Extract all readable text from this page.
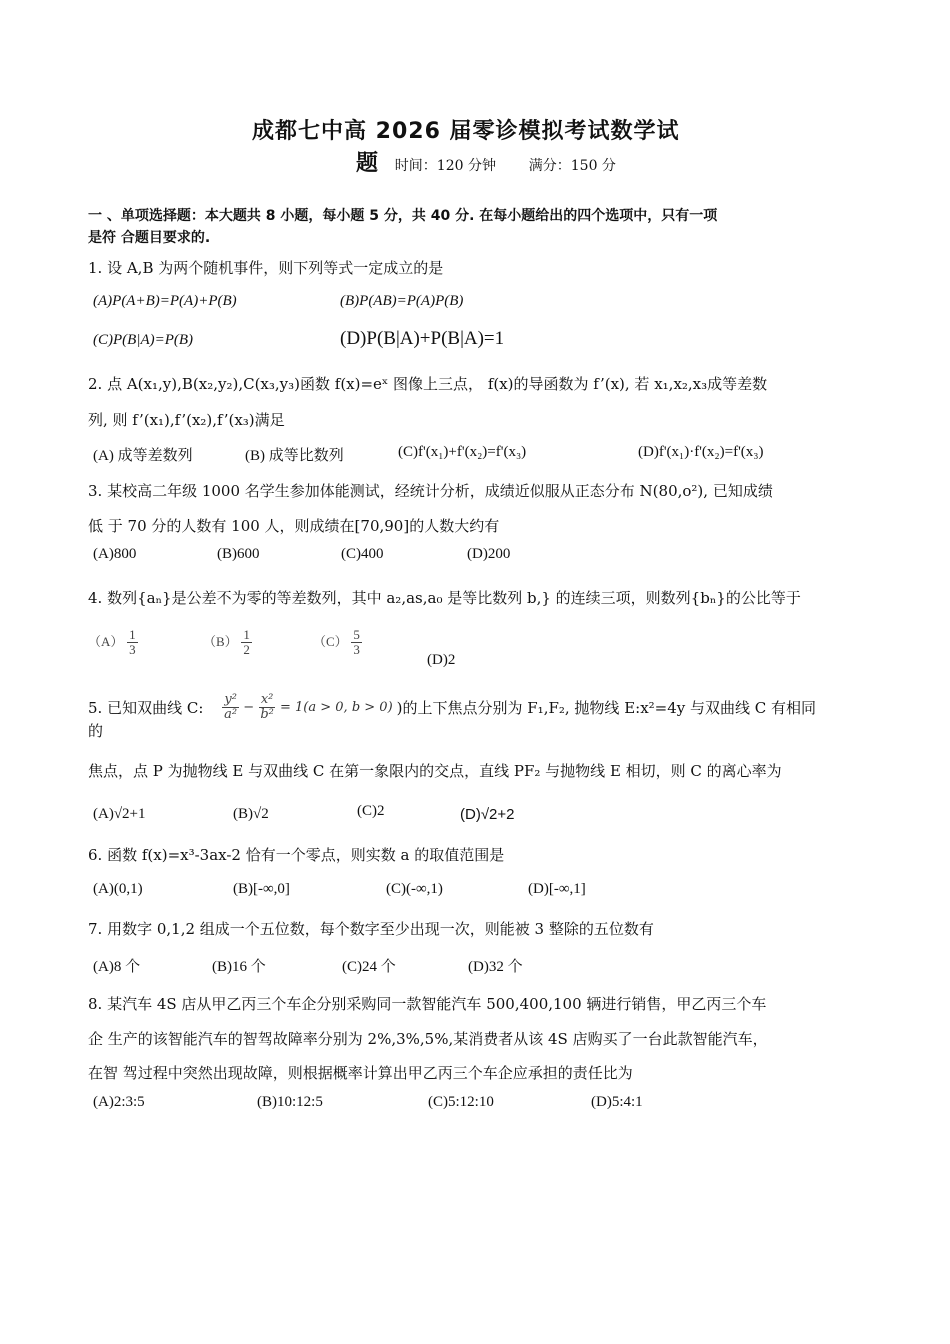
成都七中高 2026 届零诊模拟考试数学试
题 时间：120 分钟 满分：150 分
一 、单项选择题：本大题共 8 小题，每小题 5 分，共 40 分. 在每小题给出的四个选项中，只有一项
是符 合题目要求的.
1. 设 A,B 为两个随机事件，则下列等式一定成立的是
(A)P(A+B)=P(A)+P(B)	(B)P(AB)=P(A)P(B)
(C)P(B|A)=P(B)	(D)P(B|A)+P(B|A)=1
2. 点 A(x₁,y),B(x₂,y₂),C(x₃,y₃)函数 f(x)=eˣ 图像上三点， f(x)的导函数为 f’(x), 若 x₁,x₂,x₃成等差数
列, 则 f’(x₁),f’(x₂),f’(x₃)满足
(A) 成等差数列	(B) 成等比数列	(C)f'(x₁)+f'(x₂)=f'(x₃)	(D)f'(x₁)·f'(x₂)=f'(x₃)
3. 某校高二年级 1000 名学生参加体能测试，经统计分析，成绩近似服从正态分布 N(80,o²), 已知成绩
低 于 70 分的人数有 100 人，则成绩在[70,90]的人数大约有
(A)800	(B)600	(C)400	(D)200
4. 数列{aₙ}是公差不为零的等差数列，其中 a₂,as,a₀ 是等比数列 b,} 的连续三项，则数列{bₙ}的公比等于
$(A) \frac{1}{3}$	$(B) \frac{1}{2}$	$(C) \frac{5}{3}$
(D)2
5. 已知双曲线 C: $\frac{\text{y²}}{\text{a²}} - \frac{\text{x²}}{\text{b²}} = 1(a > 0$, b > 0) )的上下焦点分别为 F₁,F₂, 抛物线 E:x²=4y 与双曲线 C 有相同
的
焦点，点 P 为抛物线 E 与双曲线 C 在第一象限内的交点，直线 PF₂ 与抛物线 E 相切，则 C 的离心率为
(A)√2+1	(B)√2	(C)2	(D)√2+2
6. 函数 f(x)=x³-3ax-2 恰有一个零点，则实数 a 的取值范围是
(A)(0,1)	(B)[-∞,0]	(C)(-∞,1)	(D)[-∞,1]
7. 用数字 0,1,2 组成一个五位数，每个数字至少出现一次，则能被 3 整除的五位数有
(A)8 个	(B)16 个	(C)24 个	(D)32 个
8. 某汽车 4S 店从甲乙丙三个车企分别采购同一款智能汽车 500,400,100 辆进行销售，甲乙丙三个车
企 生产的该智能汽车的智驾故障率分别为 2%,3%,5%,某消费者从该 4S 店购买了一台此款智能汽车，
在智 驾过程中突然出现故障，则根据概率计算出甲乙丙三个车企应承担的责任比为
(A)2:3:5	(B)10:12:5	(C)5:12:10	(D)5:4:1
